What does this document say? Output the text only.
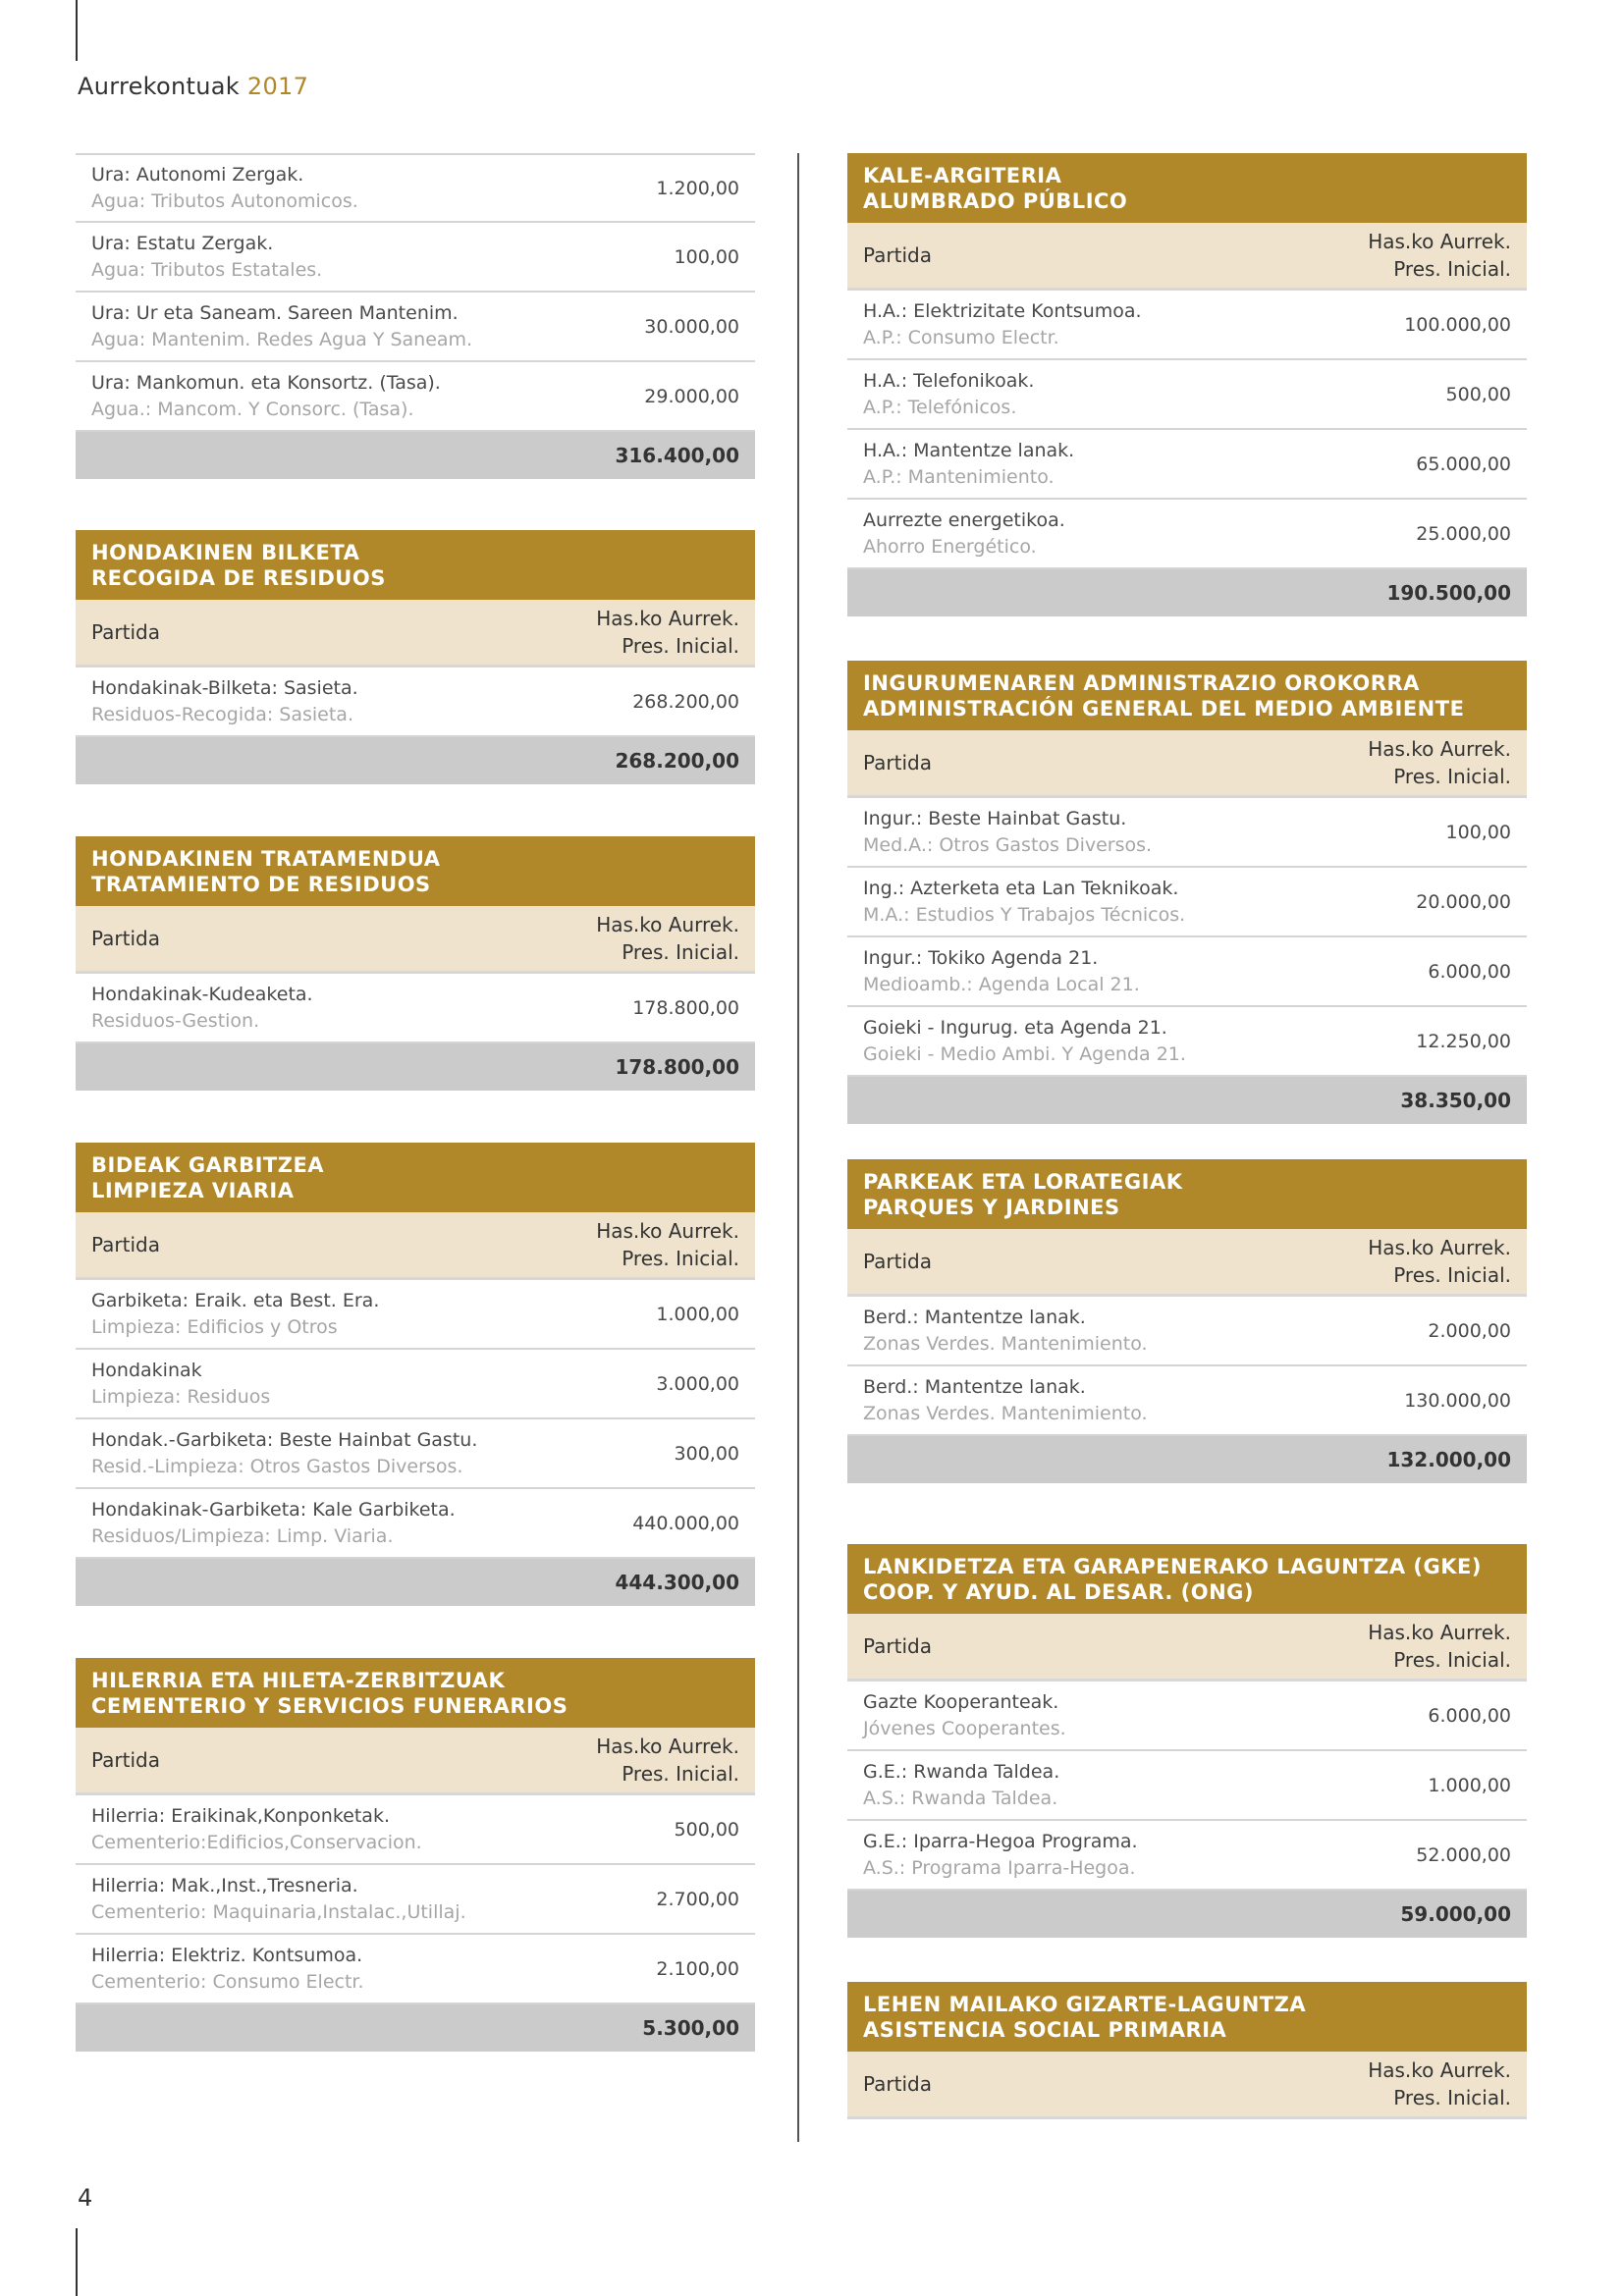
Aurrekontuak 2017
Ura: Autonomi Zergak.
Agua: Tributos Autonomicos.
1.200,00
Ura: Estatu Zergak.
Agua: Tributos Estatales.
100,00
Ura: Ur eta Saneam. Sareen Mantenim.
Agua: Mantenim. Redes Agua Y Saneam.
30.000,00
Ura: Mankomun. eta Konsortz. (Tasa).
Agua.: Mancom. Y Consorc. (Tasa).
29.000,00
316.400,00
HONDAKINEN BILKETA
RECOGIDA DE RESIDUOS
Partida
Has.ko Aurrek.
Pres. Inicial.
Hondakinak-Bilketa: Sasieta.
Residuos-Recogida: Sasieta.
268.200,00
268.200,00
HONDAKINEN TRATAMENDUA
TRATAMIENTO DE RESIDUOS
Partida
Has.ko Aurrek.
Pres. Inicial.
Hondakinak-Kudeaketa.
Residuos-Gestion.
178.800,00
178.800,00
BIDEAK GARBITZEA
LIMPIEZA VIARIA
Partida
Has.ko Aurrek.
Pres. Inicial.
Garbiketa: Eraik. eta Best. Era.
Limpieza: Edificios y Otros
1.000,00
Hondakinak
Limpieza: Residuos
3.000,00
Hondak.-Garbiketa: Beste Hainbat Gastu.
Resid.-Limpieza: Otros Gastos Diversos.
300,00
Hondakinak-Garbiketa: Kale Garbiketa.
Residuos/Limpieza: Limp. Viaria.
440.000,00
444.300,00
HILERRIA ETA HILETA-ZERBITZUAK
CEMENTERIO Y SERVICIOS FUNERARIOS
Partida
Has.ko Aurrek.
Pres. Inicial.
Hilerria: Eraikinak,Konponketak.
Cementerio:Edificios,Conservacion.
500,00
Hilerria: Mak.,Inst.,Tresneria.
Cementerio: Maquinaria,Instalac.,Utillaj.
2.700,00
Hilerria: Elektriz. Kontsumoa.
Cementerio: Consumo Electr.
2.100,00
5.300,00
KALE-ARGITERIA
ALUMBRADO PÚBLICO
Partida
Has.ko Aurrek.
Pres. Inicial.
H.A.: Elektrizitate Kontsumoa.
A.P.: Consumo Electr.
100.000,00
H.A.: Telefonikoak.
A.P.: Telefónicos.
500,00
H.A.: Mantentze lanak.
A.P.: Mantenimiento.
65.000,00
Aurrezte energetikoa.
Ahorro Energético.
25.000,00
190.500,00
INGURUMENAREN ADMINISTRAZIO OROKORRA
ADMINISTRACIÓN GENERAL DEL MEDIO AMBIENTE
Partida
Has.ko Aurrek.
Pres. Inicial.
Ingur.: Beste Hainbat Gastu.
Med.A.: Otros Gastos Diversos.
100,00
Ing.: Azterketa eta Lan Teknikoak.
M.A.: Estudios Y Trabajos Técnicos.
20.000,00
Ingur.: Tokiko Agenda 21.
Medioamb.: Agenda Local 21.
6.000,00
Goieki - Ingurug. eta Agenda 21.
Goieki - Medio Ambi. Y Agenda 21.
12.250,00
38.350,00
PARKEAK ETA LORATEGIAK
PARQUES Y JARDINES
Partida
Has.ko Aurrek.
Pres. Inicial.
Berd.: Mantentze lanak.
Zonas Verdes. Mantenimiento.
2.000,00
Berd.: Mantentze lanak.
Zonas Verdes. Mantenimiento.
130.000,00
132.000,00
LANKIDETZA ETA GARAPENERAKO LAGUNTZA (GKE)
COOP. Y AYUD. AL DESAR. (ONG)
Partida
Has.ko Aurrek.
Pres. Inicial.
Gazte Kooperanteak.
Jóvenes Cooperantes.
6.000,00
G.E.: Rwanda Taldea.
A.S.: Rwanda Taldea.
1.000,00
G.E.: Iparra-Hegoa Programa.
A.S.: Programa Iparra-Hegoa.
52.000,00
59.000,00
LEHEN MAILAKO GIZARTE-LAGUNTZA
ASISTENCIA SOCIAL PRIMARIA
Partida
Has.ko Aurrek.
Pres. Inicial.
4
